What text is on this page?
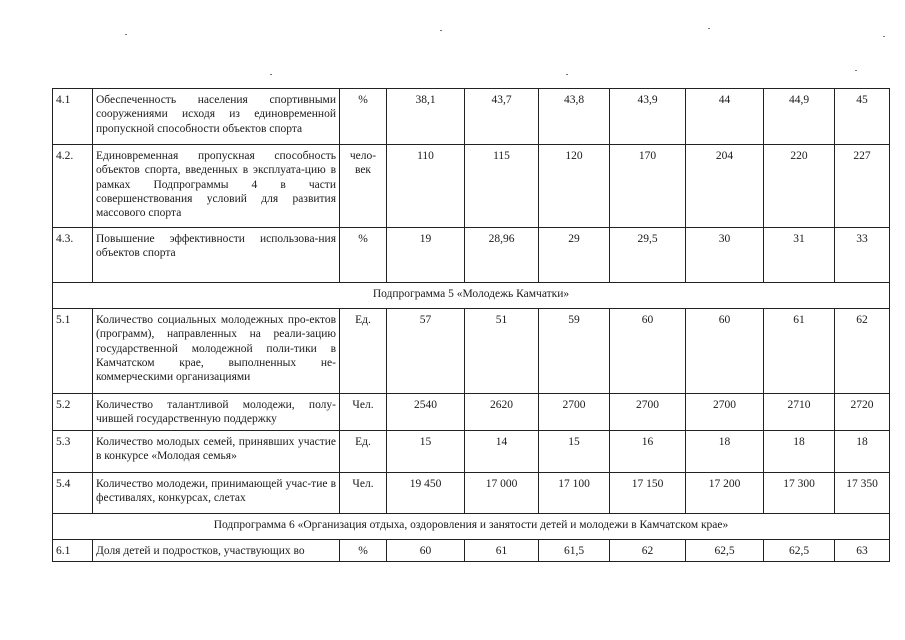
4.1	Обеспеченность населения спортивными сооружениями исходя из единовременной пропускной способности объектов спорта	%	38,1	43,7	43,8	43,9	44	44,9	45
4.2.	Единовременная пропускная способность объектов спорта, введенных в эксплуата-цию в рамках Подпрограммы 4 в части совершенствования условий для развития массового спорта	чело-век	110	115	120	170	204	220	227
4.3.	Повышение эффективности использова-ния объектов спорта	%	19	28,96	29	29,5	30	31	33
Подпрограмма 5 «Молодежь Камчатки»									
5.1	Количество социальных молодежных про-ектов (программ), направленных на реали-зацию государственной молодежной поли-тики в Камчатском крае, выполненных не-коммерческими организациями	Ед.	57	51	59	60	60	61	62
5.2	Количество талантливой молодежи, полу-чившей государственную поддержку	Чел.	2540	2620	2700	2700	2700	2710	2720
5.3	Количество молодых семей, принявших участие в конкурсе «Молодая семья»	Ед.	15	14	15	16	18	18	18
5.4	Количество молодежи, принимающей учас-тие в фестивалях, конкурсах, слетах	Чел.	19 450	17 000	17 100	17 150	17 200	17 300	17 350
Подпрограмма 6 «Организация отдыха, оздоровления и занятости детей и молодежи в Камчатском крае»									
6.1	Доля детей и подростков, участвующих во	%	60	61	61,5	62	62,5	62,5	63
